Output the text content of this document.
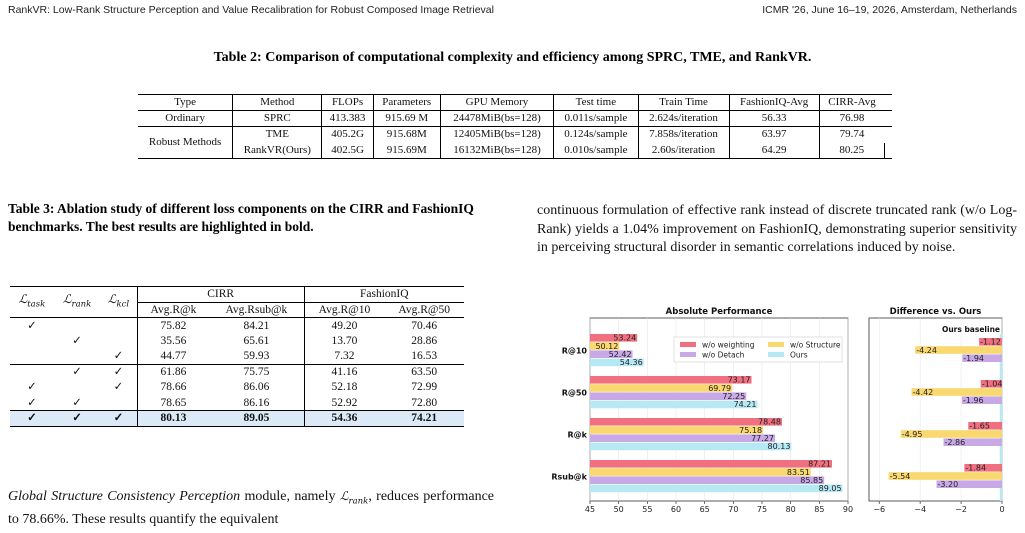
RankVR: Low-Rank Structure Perception and Value Recalibration for Robust Composed Image Retrieval	ICMR '26, June 16–19, 2026, Amsterdam, Netherlands
Table 2: Comparison of computational complexity and efficiency among SPRC, TME, and RankVR.
Type	Method	FLOPs	Parameters	GPU Memory	Test time	Train Time	FashionIQ-Avg	CIRR-Avg	
Ordinary	SPRC	413.383	915.69 M	24478MiB(bs=128)	0.011s/sample	2.624s/iteration	56.33	76.98	
Robust Methods	TME	405.2G	915.68M	12405MiB(bs=128)	0.124s/sample	7.858s/iteration	63.97	79.74	
	RankVR(Ours)	402.5G	915.69M	16132MiB(bs=128)	0.010s/sample	2.60s/iteration	64.29	80.25	
Table 3: Ablation study of different loss components on the CIRR and FashionIQ benchmarks. The best results are highlighted in bold.
ℒ$_{task}$	ℒ$_{rank}$	ℒ$_{kcl}$	CIRR		FashionIQ	
			Avg.R@k	Avg.Rsub@k	Avg.R@10	Avg.R@50
✓			75.82	84.21	49.20	70.46
	✓		35.56	65.61	13.70	28.86
		✓	44.77	59.93	7.32	16.53
	✓	✓	61.86	75.75	41.16	63.50
✓		✓	78.66	86.06	52.18	72.99
✓	✓		78.65	86.16	52.92	72.80
✓	✓	✓	80.13	89.05	54.36	74.21
continuous formulation of effective rank instead of discrete truncated rank (w/o Log-Rank) yields a 1.04% improvement on FashionIQ, demonstrating superior sensitivity in perceiving structural disorder in semantic correlations induced by noise.
Global Structure Consistency Perception module, namely ℒ$_{rank}$, reduces performance to 78.66%. These results quantify the equivalent
45 50 55 60 65 70 75 80 85 90
Absolute Performance
R@10
53.24
50.12
52.42
54.36
R@50
73.17
69.79
72.25
74.21
R@k
78.48
75.18
77.27
80.13
Rsub@k
87.21
83.51
85.85
89.05
w/o weighting	w/o Structure
w/o Detach	Ours
−6	−4	−2	0
Difference vs. Ours
Ours baseline
-1.12
-4.24
-1.94
-1.04
-4.42
-1.96
-1.65
-4.95
-2.86
-1.84
-5.54
-3.20
